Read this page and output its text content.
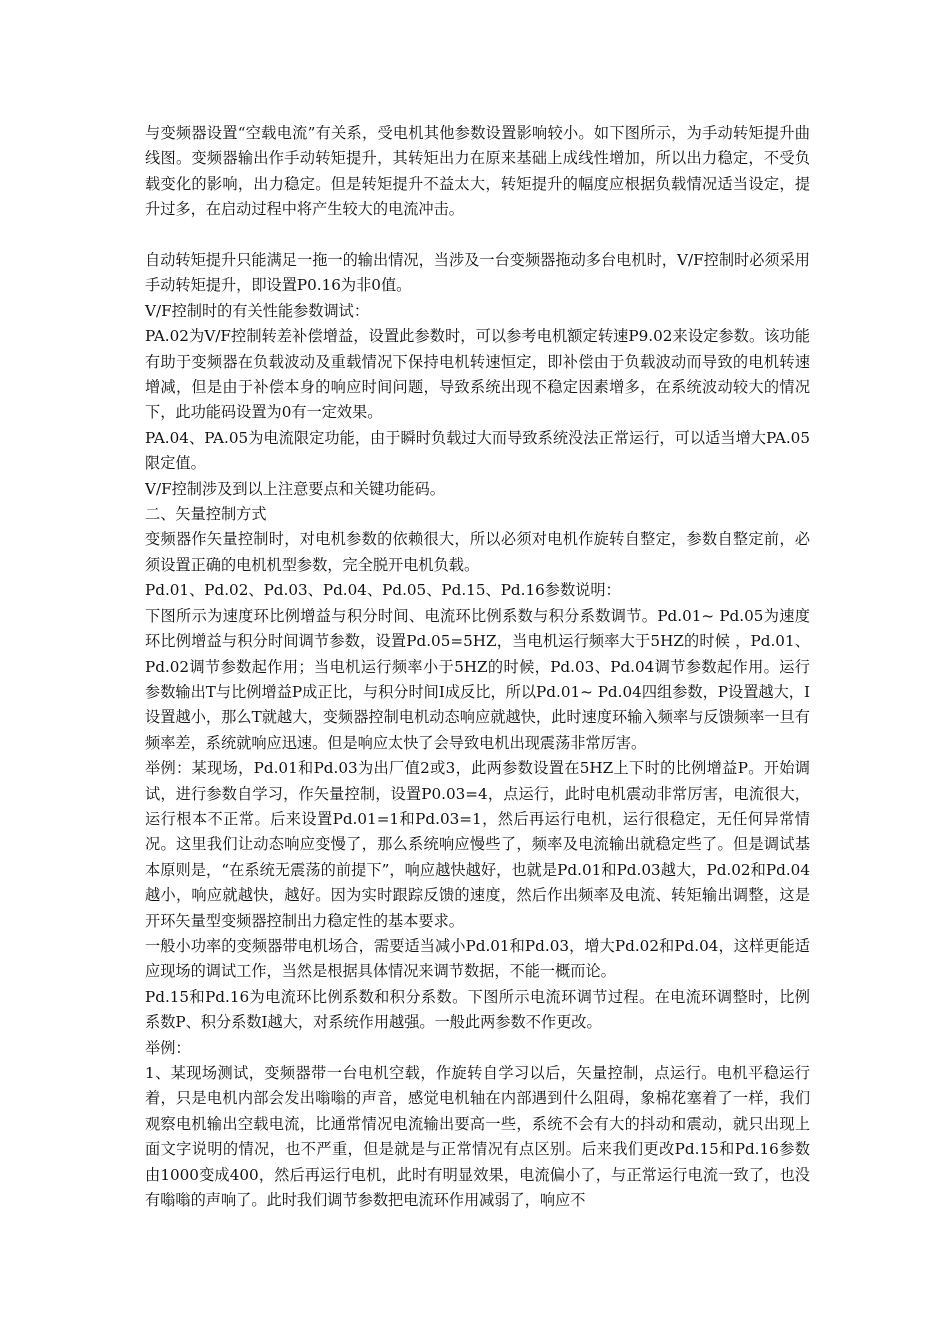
与变频器设置“空载电流”有关系，受电机其他参数设置影响较小。如下图所示，为手动转矩提升曲线图。变频器输出作手动转矩提升，其转矩出力在原来基础上成线性增加，所以出力稳定，不受负载变化的影响，出力稳定。但是转矩提升不益太大，转矩提升的幅度应根据负载情况适当设定，提升过多，在启动过程中将产生较大的电流冲击。

自动转矩提升只能满足一拖一的输出情况，当涉及一台变频器拖动多台电机时，V/F控制时必须采用手动转矩提升，即设置P0.16为非0值。

V/F控制时的有关性能参数调试：

PA.02为V/F控制转差补偿增益，设置此参数时，可以参考电机额定转速P9.02来设定参数。该功能有助于变频器在负载波动及重载情况下保持电机转速恒定，即补偿由于负载波动而导致的电机转速增减，但是由于补偿本身的响应时间问题，导致系统出现不稳定因素增多，在系统波动较大的情况下，此功能码设置为0有一定效果。

PA.04、PA.05为电流限定功能，由于瞬时负载过大而导致系统没法正常运行，可以适当增大PA.05限定值。

V/F控制涉及到以上注意要点和关键功能码。

二、矢量控制方式

变频器作矢量控制时，对电机参数的依赖很大，所以必须对电机作旋转自整定，参数自整定前，必须设置正确的电机机型参数，完全脱开电机负载。

Pd.01、Pd.02、Pd.03、Pd.04、Pd.05、Pd.15、Pd.16参数说明：

下图所示为速度环比例增益与积分时间、电流环比例系数与积分系数调节。Pd.01~ Pd.05为速度环比例增益与积分时间调节参数，设置Pd.05=5HZ，当电机运行频率大于5HZ的时候 ，Pd.01、Pd.02调节参数起作用；当电机运行频率小于5HZ的时候，Pd.03、Pd.04调节参数起作用。运行参数输出T与比例增益P成正比，与积分时间I成反比，所以Pd.01~ Pd.04四组参数，P设置越大，I设置越小，那么T就越大，变频器控制电机动态响应就越快，此时速度环输入频率与反馈频率一旦有频率差，系统就响应迅速。但是响应太快了会导致电机出现震荡非常厉害。

举例：某现场，Pd.01和Pd.03为出厂值2或3，此两参数设置在5HZ上下时的比例增益P。开始调试，进行参数自学习，作矢量控制，设置P0.03=4，点运行，此时电机震动非常厉害，电流很大，运行根本不正常。后来设置Pd.01=1和Pd.03=1，然后再运行电机，运行很稳定，无任何异常情况。这里我们让动态响应变慢了，那么系统响应慢些了，频率及电流输出就稳定些了。但是调试基本原则是，“在系统无震荡的前提下”，响应越快越好，也就是Pd.01和Pd.03越大，Pd.02和Pd.04越小，响应就越快，越好。因为实时跟踪反馈的速度，然后作出频率及电流、转矩输出调整，这是开环矢量型变频器控制出力稳定性的基本要求。

一般小功率的变频器带电机场合，需要适当减小Pd.01和Pd.03，增大Pd.02和Pd.04，这样更能适应现场的调试工作，当然是根据具体情况来调节数据，不能一概而论。

Pd.15和Pd.16为电流环比例系数和积分系数。下图所示电流环调节过程。在电流环调整时，比例系数P、积分系数I越大，对系统作用越强。一般此两参数不作更改。

举例：

1、某现场测试，变频器带一台电机空载，作旋转自学习以后，矢量控制，点运行。电机平稳运行着，只是电机内部会发出嗡嗡的声音，感觉电机轴在内部遇到什么阻碍，象棉花塞着了一样，我们观察电机输出空载电流，比通常情况电流输出要高一些，系统不会有大的抖动和震动，就只出现上面文字说明的情况，也不严重，但是就是与正常情况有点区别。后来我们更改Pd.15和Pd.16参数由1000变成400，然后再运行电机，此时有明显效果，电流偏小了，与正常运行电流一致了，也没有嗡嗡的声响了。此时我们调节参数把电流环作用减弱了，响应不
